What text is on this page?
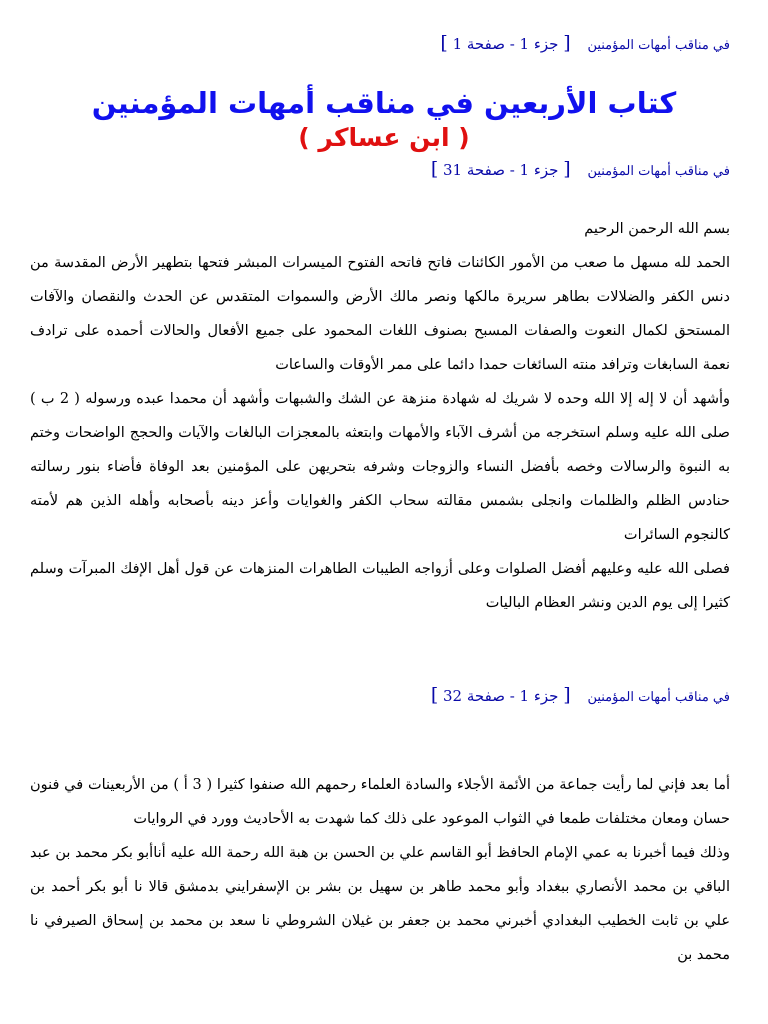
في مناقب أمهات المؤمنين [ جزء 1 - صفحة 1 ]
كتاب الأربعين في مناقب أمهات المؤمنين
( ابن عساكر )
في مناقب أمهات المؤمنين [ جزء 1 - صفحة 31 ]
بسم الله الرحمن الرحيم
الحمد لله مسهل ما صعب من الأمور الكائنات فاتح فاتحه الفتوح الميسرات المبشر فتحها بتطهير الأرض المقدسة من دنس الكفر والضلالات بطاهر سريرة مالكها ونصر مالك الأرض والسموات المتقدس عن الحدث والنقصان والآفات المستحق لكمال النعوت والصفات المسبح بصنوف اللغات المحمود على جميع الأفعال والحالات أحمده على ترادف نعمة السابغات وترافد منته السائغات حمدا دائما على ممر الأوقات والساعات
وأشهد أن لا إله إلا الله وحده لا شريك له شهادة منزهة عن الشك والشبهات وأشهد أن محمدا عبده ورسوله ( 2 ب ) صلى الله عليه وسلم استخرجه من أشرف الآباء والأمهات وابتعثه بالمعجزات البالغات والآيات والحجج الواضحات وختم به النبوة والرسالات وخصه بأفضل النساء والزوجات وشرفه بتحريهن على المؤمنين بعد الوفاة فأضاء بنور رسالته حنادس الظلم والظلمات وانجلى بشمس مقالته سحاب الكفر والغوايات وأعز دينه بأصحابه وأهله الذين هم لأمته كالنجوم السائرات
فصلى الله عليه وعليهم أفضل الصلوات وعلى أزواجه الطيبات الطاهرات المنزهات عن قول أهل الإفك المبرآت وسلم كثيرا إلى يوم الدين ونشر العظام الباليات
في مناقب أمهات المؤمنين [ جزء 1 - صفحة 32 ]
أما بعد فإني لما رأيت جماعة من الأئمة الأجلاء والسادة العلماء رحمهم الله صنفوا كثيرا ( 3 أ ) من الأربعينات في فنون حسان ومعان مختلفات طمعا في الثواب الموعود على ذلك كما شهدت به الأحاديث وورد في الروايات
وذلك فيما أخبرنا به عمي الإمام الحافظ أبو القاسم علي بن الحسن بن هبة الله رحمة الله عليه أناأبو بكر محمد بن عبد الباقي بن محمد الأنصاري ببغداد وأبو محمد طاهر بن سهيل بن بشر بن الإسفرايني بدمشق قالا نا أبو بكر أحمد بن علي بن ثابت الخطيب البغدادي أخبرني محمد بن جعفر بن غيلان الشروطي نا سعد بن محمد بن إسحاق الصيرفي نا محمد بن
